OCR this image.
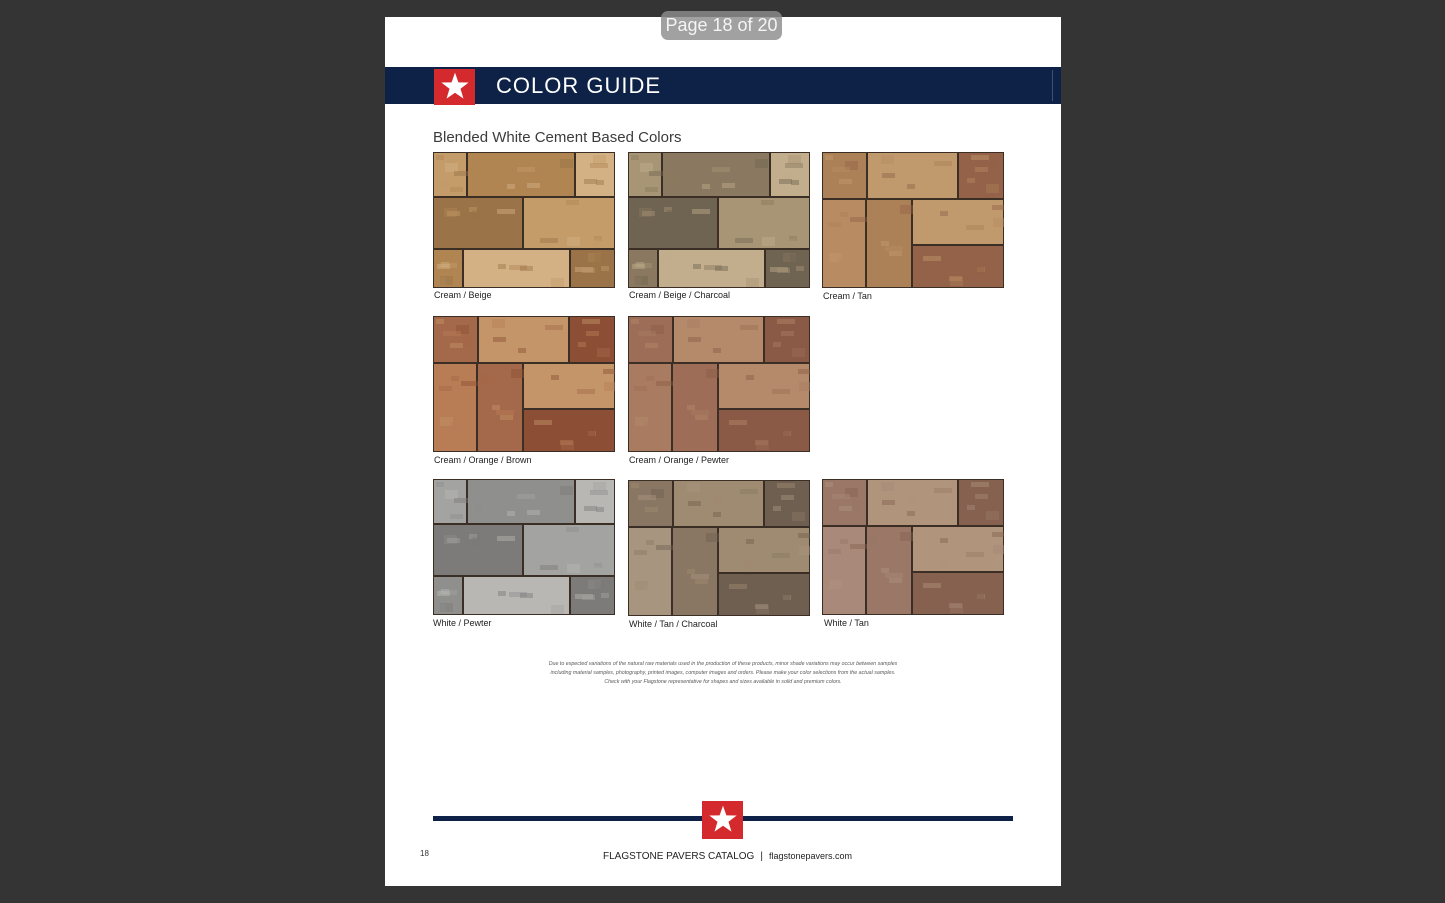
COLOR GUIDE
Blended White Cement Based Colors
Cream / Beige	Cream / Beige / Charcoal	Cream / Tan
Cream / Orange / Brown	Cream / Orange / Pewter
White / Pewter	White / Tan / Charcoal	White / Tan
Due to expected variations of the natural raw materials used in the production of these products, minor shade variations may occur between samples
including material samples, photography, printed images, computer images and orders. Please make your color selections from the actual samples.
Check with your Flagstone representative for shapes and sizes available in solid and premium colors.
18	FLAGSTONE PAVERS CATALOG | flagstonepavers.com
Page 18 of 20
